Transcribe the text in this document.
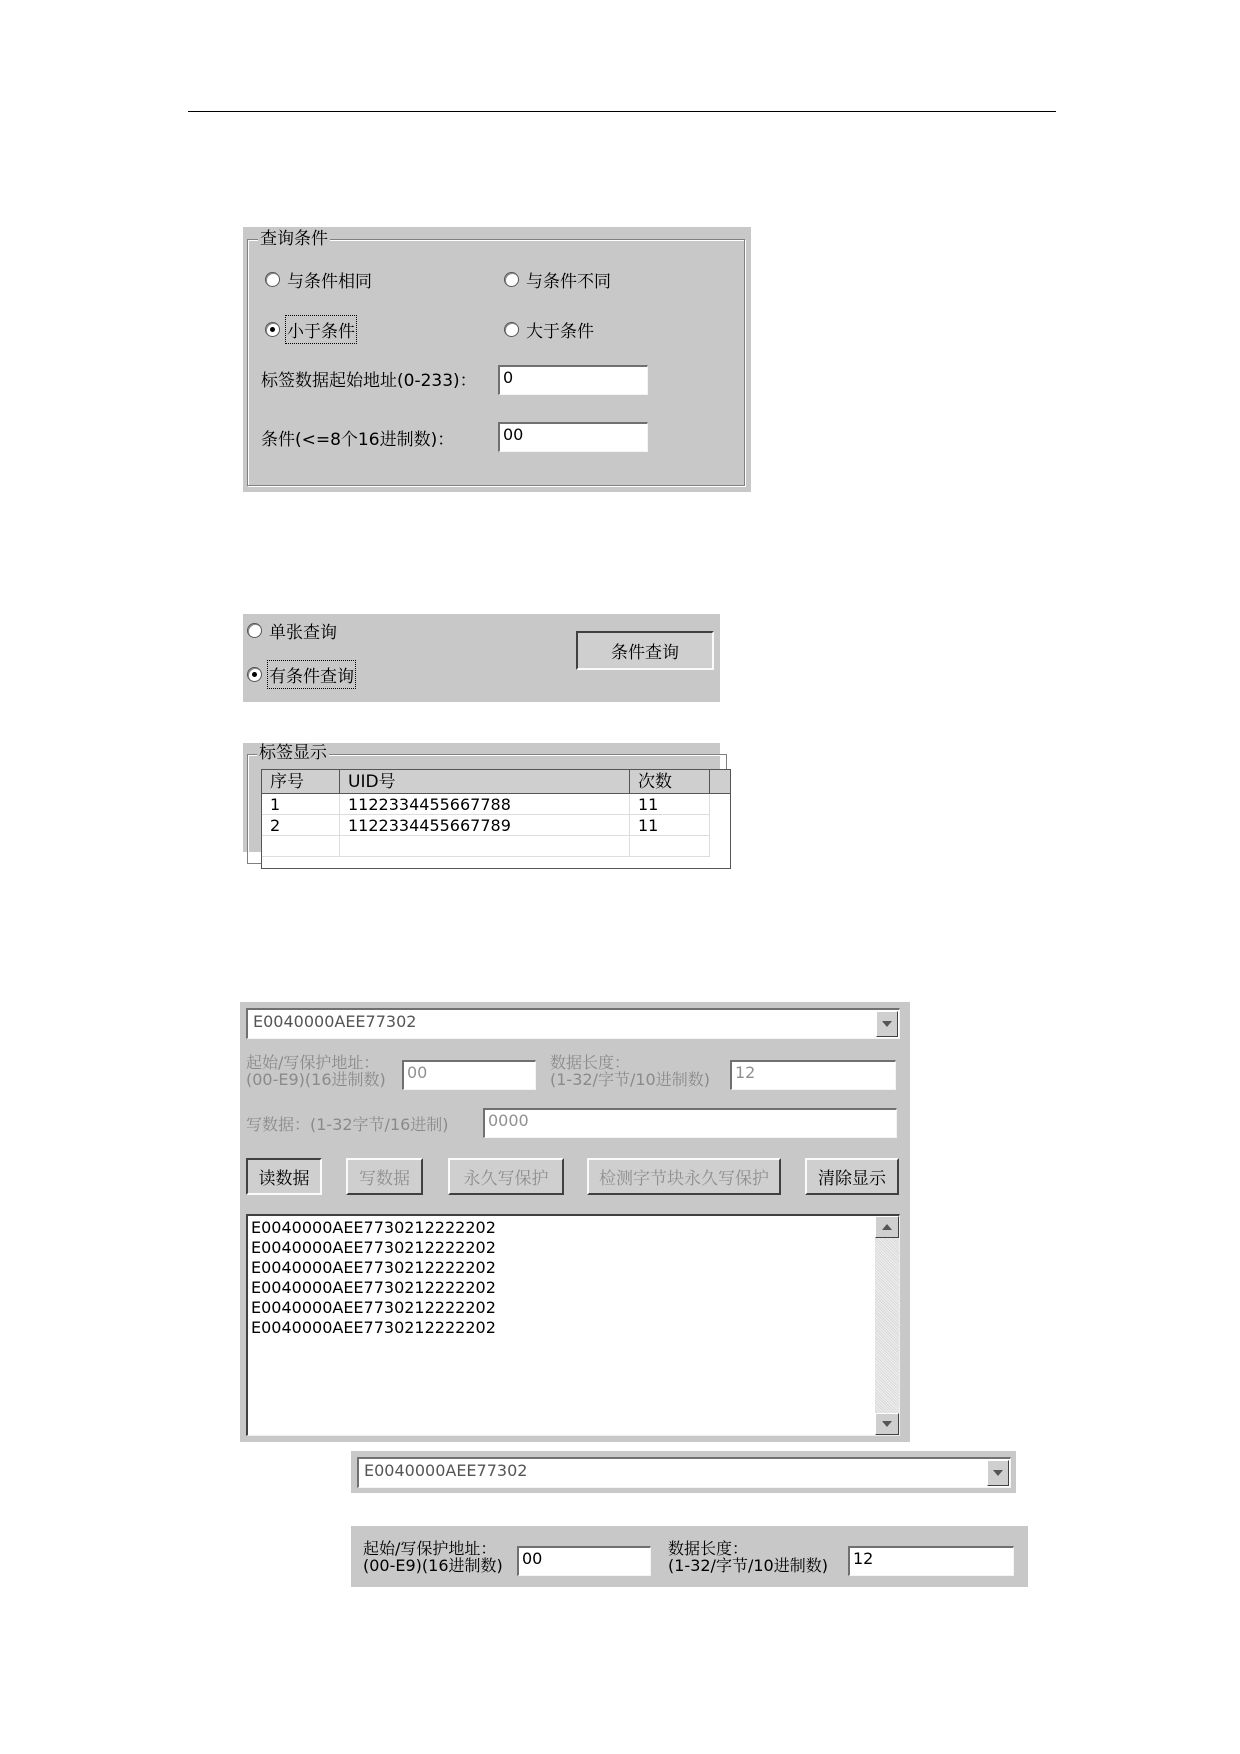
查询条件
与条件相同	与条件不同
小于条件	大于条件
标签数据起始地址(0-233)：	0
条件(<=8个16进制数)：	00
单张查询
有条件查询
条件查询
标签显示
序号	UID号	次数
1	1122334455667788	11
2	1122334455667789	11
E0040000AEE77302
起始/写保护地址：
(00-E9)(16进制数)	00
数据长度：
(1-32/字节/10进制数)	12
写数据：(1-32字节/16进制)	0000
读数据	写数据	永久写保护	检测字节块永久写保护	清除显示
E0040000AEE7730212222202
E0040000AEE7730212222202
E0040000AEE7730212222202
E0040000AEE7730212222202
E0040000AEE7730212222202
E0040000AEE7730212222202
E0040000AEE77302
起始/写保护地址：
(00-E9)(16进制数)	00
数据长度：
(1-32/字节/10进制数)	12
